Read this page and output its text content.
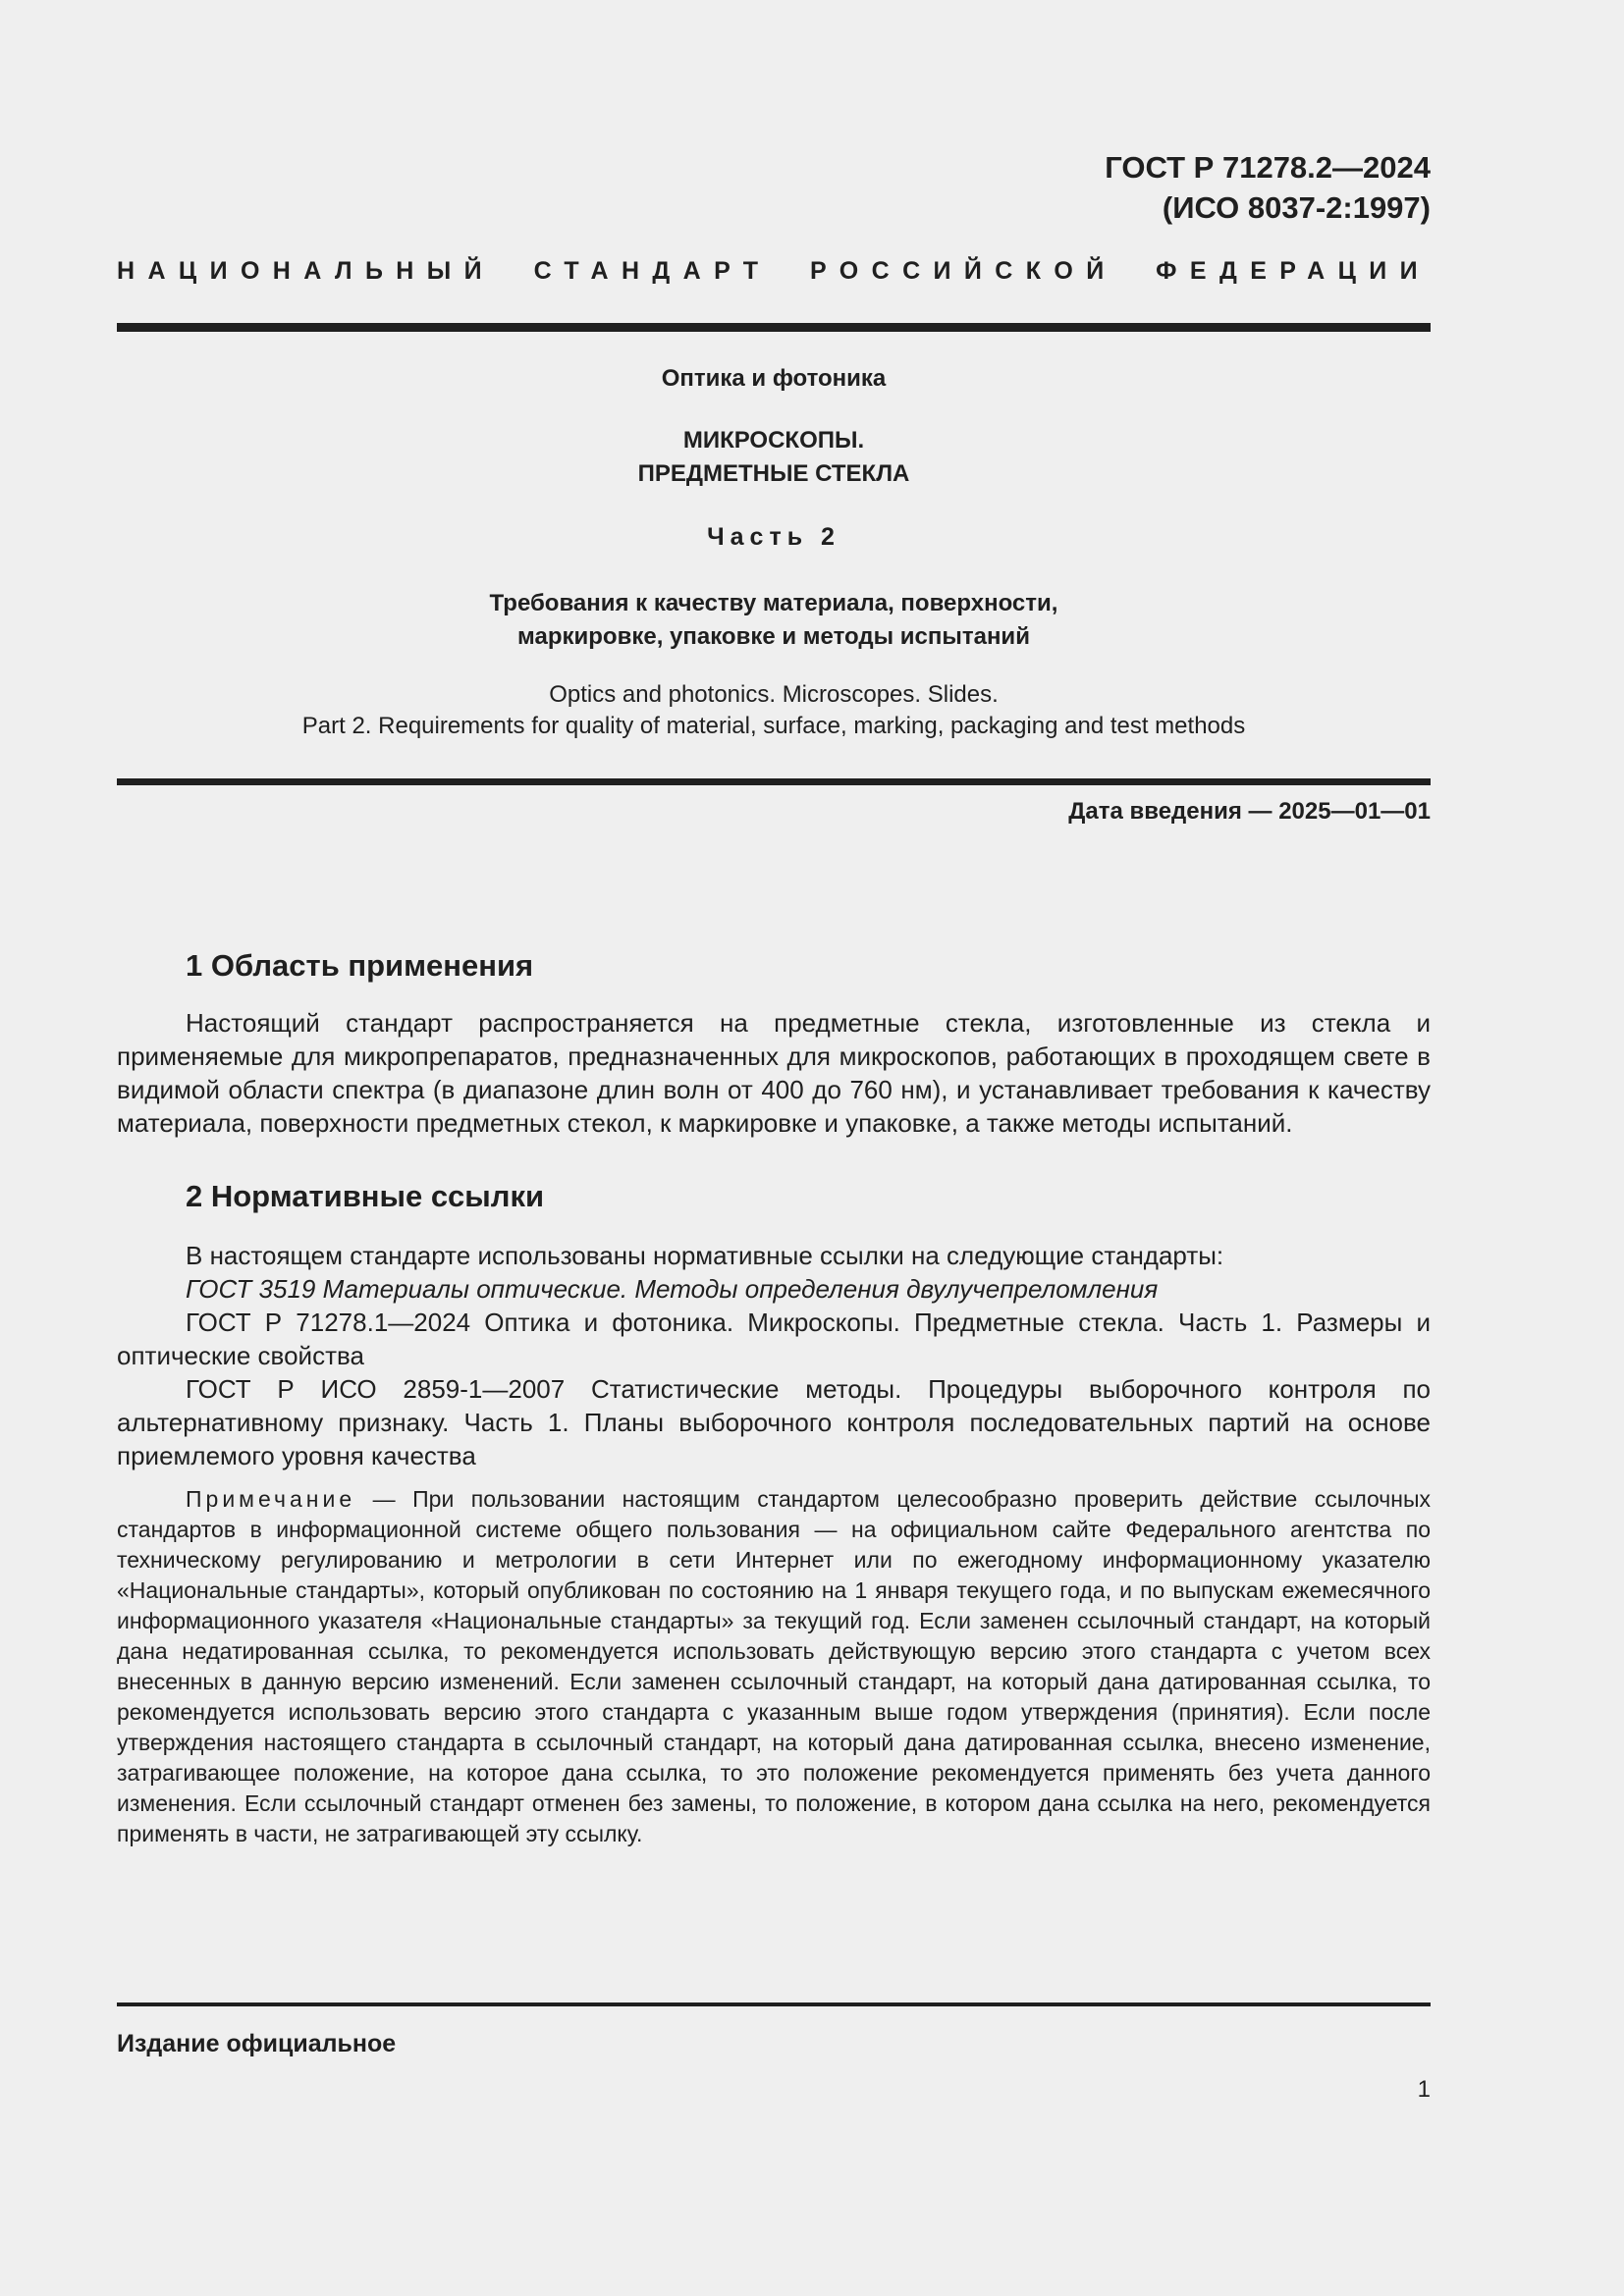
ГОСТ Р 71278.2—2024
(ИСО 8037-2:1997)
НАЦИОНАЛЬНЫЙ СТАНДАРТ РОССИЙСКОЙ ФЕДЕРАЦИИ
Оптика и фотоника
МИКРОСКОПЫ.
ПРЕДМЕТНЫЕ СТЕКЛА
Часть 2
Требования к качеству материала, поверхности,
маркировке, упаковке и методы испытаний
Optics and photonics. Microscopes. Slides.
Part 2. Requirements for quality of material, surface, marking, packaging and test methods
Дата введения — 2025—01—01
1 Область применения

Настоящий стандарт распространяется на предметные стекла, изготовленные из стекла и применяемые для микропрепаратов, предназначенных для микроскопов, работающих в проходящем свете в видимой области спектра (в диапазоне длин волн от 400 до 760 нм), и устанавливает требования к качеству материала, поверхности предметных стекол, к маркировке и упаковке, а также методы испытаний.

2 Нормативные ссылки

В настоящем стандарте использованы нормативные ссылки на следующие стандарты:

ГОСТ 3519 Материалы оптические. Методы определения двулучепреломления

ГОСТ Р 71278.1—2024 Оптика и фотоника. Микроскопы. Предметные стекла. Часть 1. Размеры и оптические свойства

ГОСТ Р ИСО 2859-1—2007 Статистические методы. Процедуры выборочного контроля по альтернативному признаку. Часть 1. Планы выборочного контроля последовательных партий на основе приемлемого уровня качества

Примечание — При пользовании настоящим стандартом целесообразно проверить действие ссылочных стандартов в информационной системе общего пользования — на официальном сайте Федерального агентства по техническому регулированию и метрологии в сети Интернет или по ежегодному информационному указателю «Национальные стандарты», который опубликован по состоянию на 1 января текущего года, и по выпускам ежемесячного информационного указателя «Национальные стандарты» за текущий год. Если заменен ссылочный стандарт, на который дана недатированная ссылка, то рекомендуется использовать действующую версию этого стандарта с учетом всех внесенных в данную версию изменений. Если заменен ссылочный стандарт, на который дана датированная ссылка, то рекомендуется использовать версию этого стандарта с указанным выше годом утверждения (принятия). Если после утверждения настоящего стандарта в ссылочный стандарт, на который дана датированная ссылка, внесено изменение, затрагивающее положение, на которое дана ссылка, то это положение рекомендуется применять без учета данного изменения. Если ссылочный стандарт отменен без замены, то положение, в котором дана ссылка на него, рекомендуется применять в части, не затрагивающей эту ссылку.

Издание официальное
1
